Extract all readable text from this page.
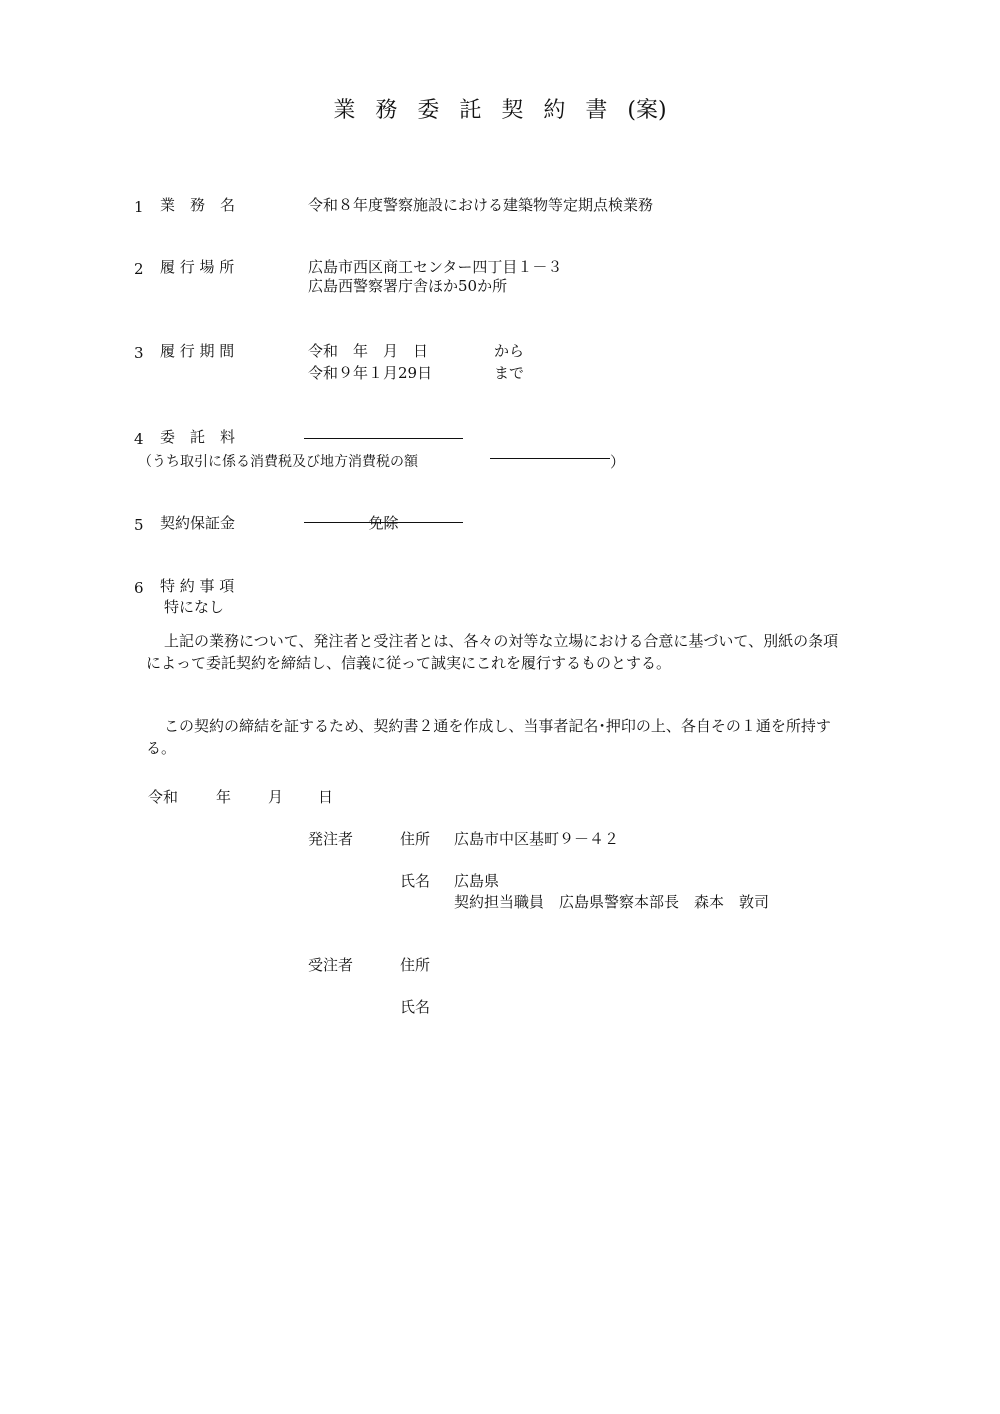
業務委託契約書(案)
1 業　務　名	令和８年度警察施設における建築物等定期点検業務
2 履 行 場 所	広島市西区商工センター四丁目１－３
広島西警察署庁舎ほか50か所
3 履 行 期 間	令和　年　月　日	から
令和９年１月29日	まで
4 委　託　料
（うち取引に係る消費税及び地方消費税の額	）
5 契約保証金	免除
6 特 約 事 項
特になし
上記の業務について、発注者と受注者とは、各々の対等な立場における合意に基づいて、別紙の条項によって委託契約を締結し、信義に従って誠実にこれを履行するものとする。
この契約の締結を証するため、契約書２通を作成し、当事者記名･押印の上、各自その１通を所持する。
令和	年 月 日
発注者	住所 広島市中区基町９－４２
氏名 広島県
契約担当職員　広島県警察本部長　森本　敦司
受注者	住所
氏名
